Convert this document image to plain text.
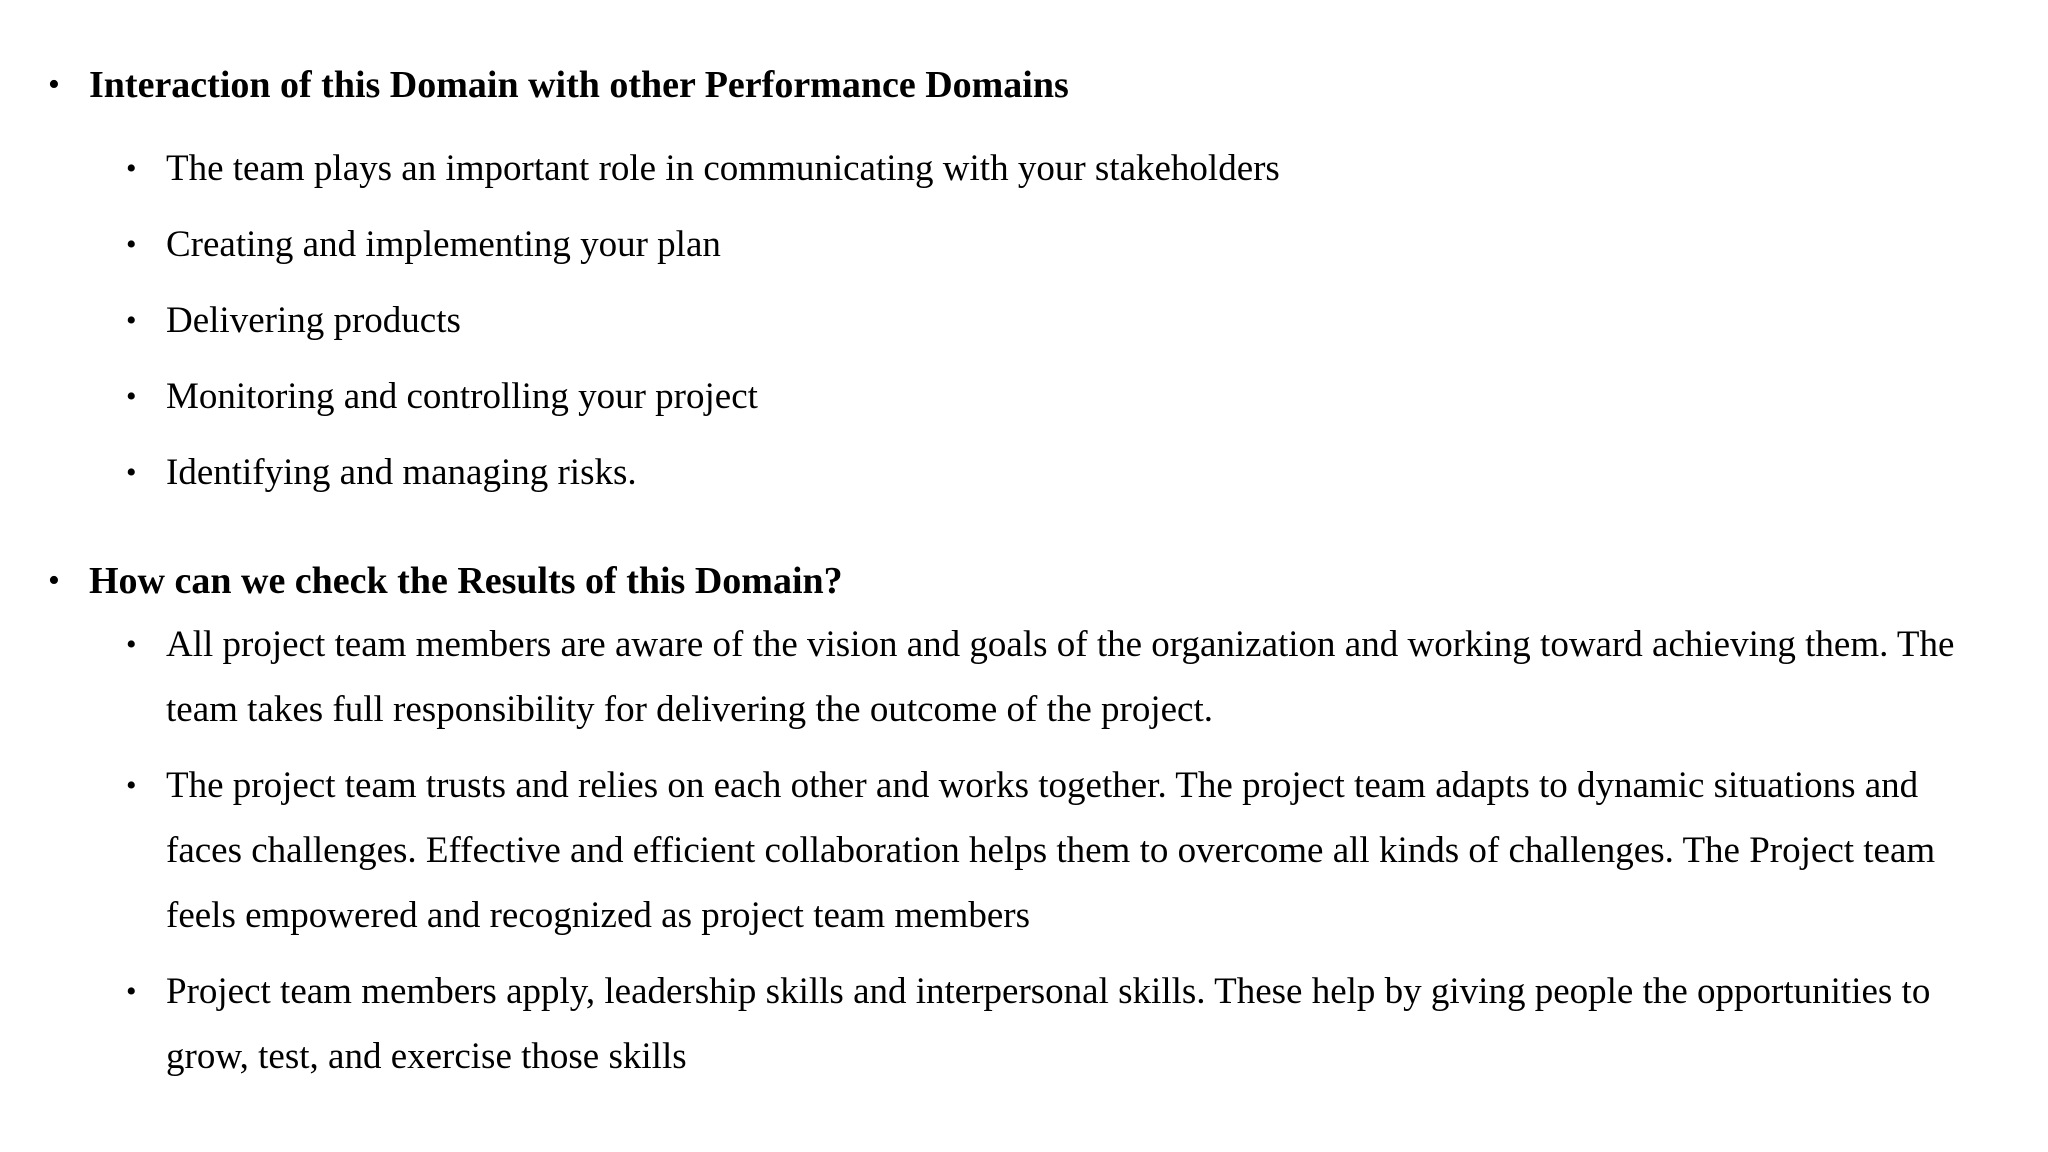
• Interaction of this Domain with other Performance Domains
• The team plays an important role in communicating with your stakeholders
• Creating and implementing your plan
• Delivering products
• Monitoring and controlling your project
• Identifying and managing risks.
• How can we check the Results of this Domain?
• All project team members are aware of the vision and goals of the organization and working toward achieving them. The team takes full responsibility for delivering the outcome of the project.
• The project team trusts and relies on each other and works together. The project team adapts to dynamic situations and faces challenges. Effective and efficient collaboration helps them to overcome all kinds of challenges. The Project team feels empowered and recognized as project team members
• Project team members apply, leadership skills and interpersonal skills. These help by giving people the opportunities to grow, test, and exercise those skills
